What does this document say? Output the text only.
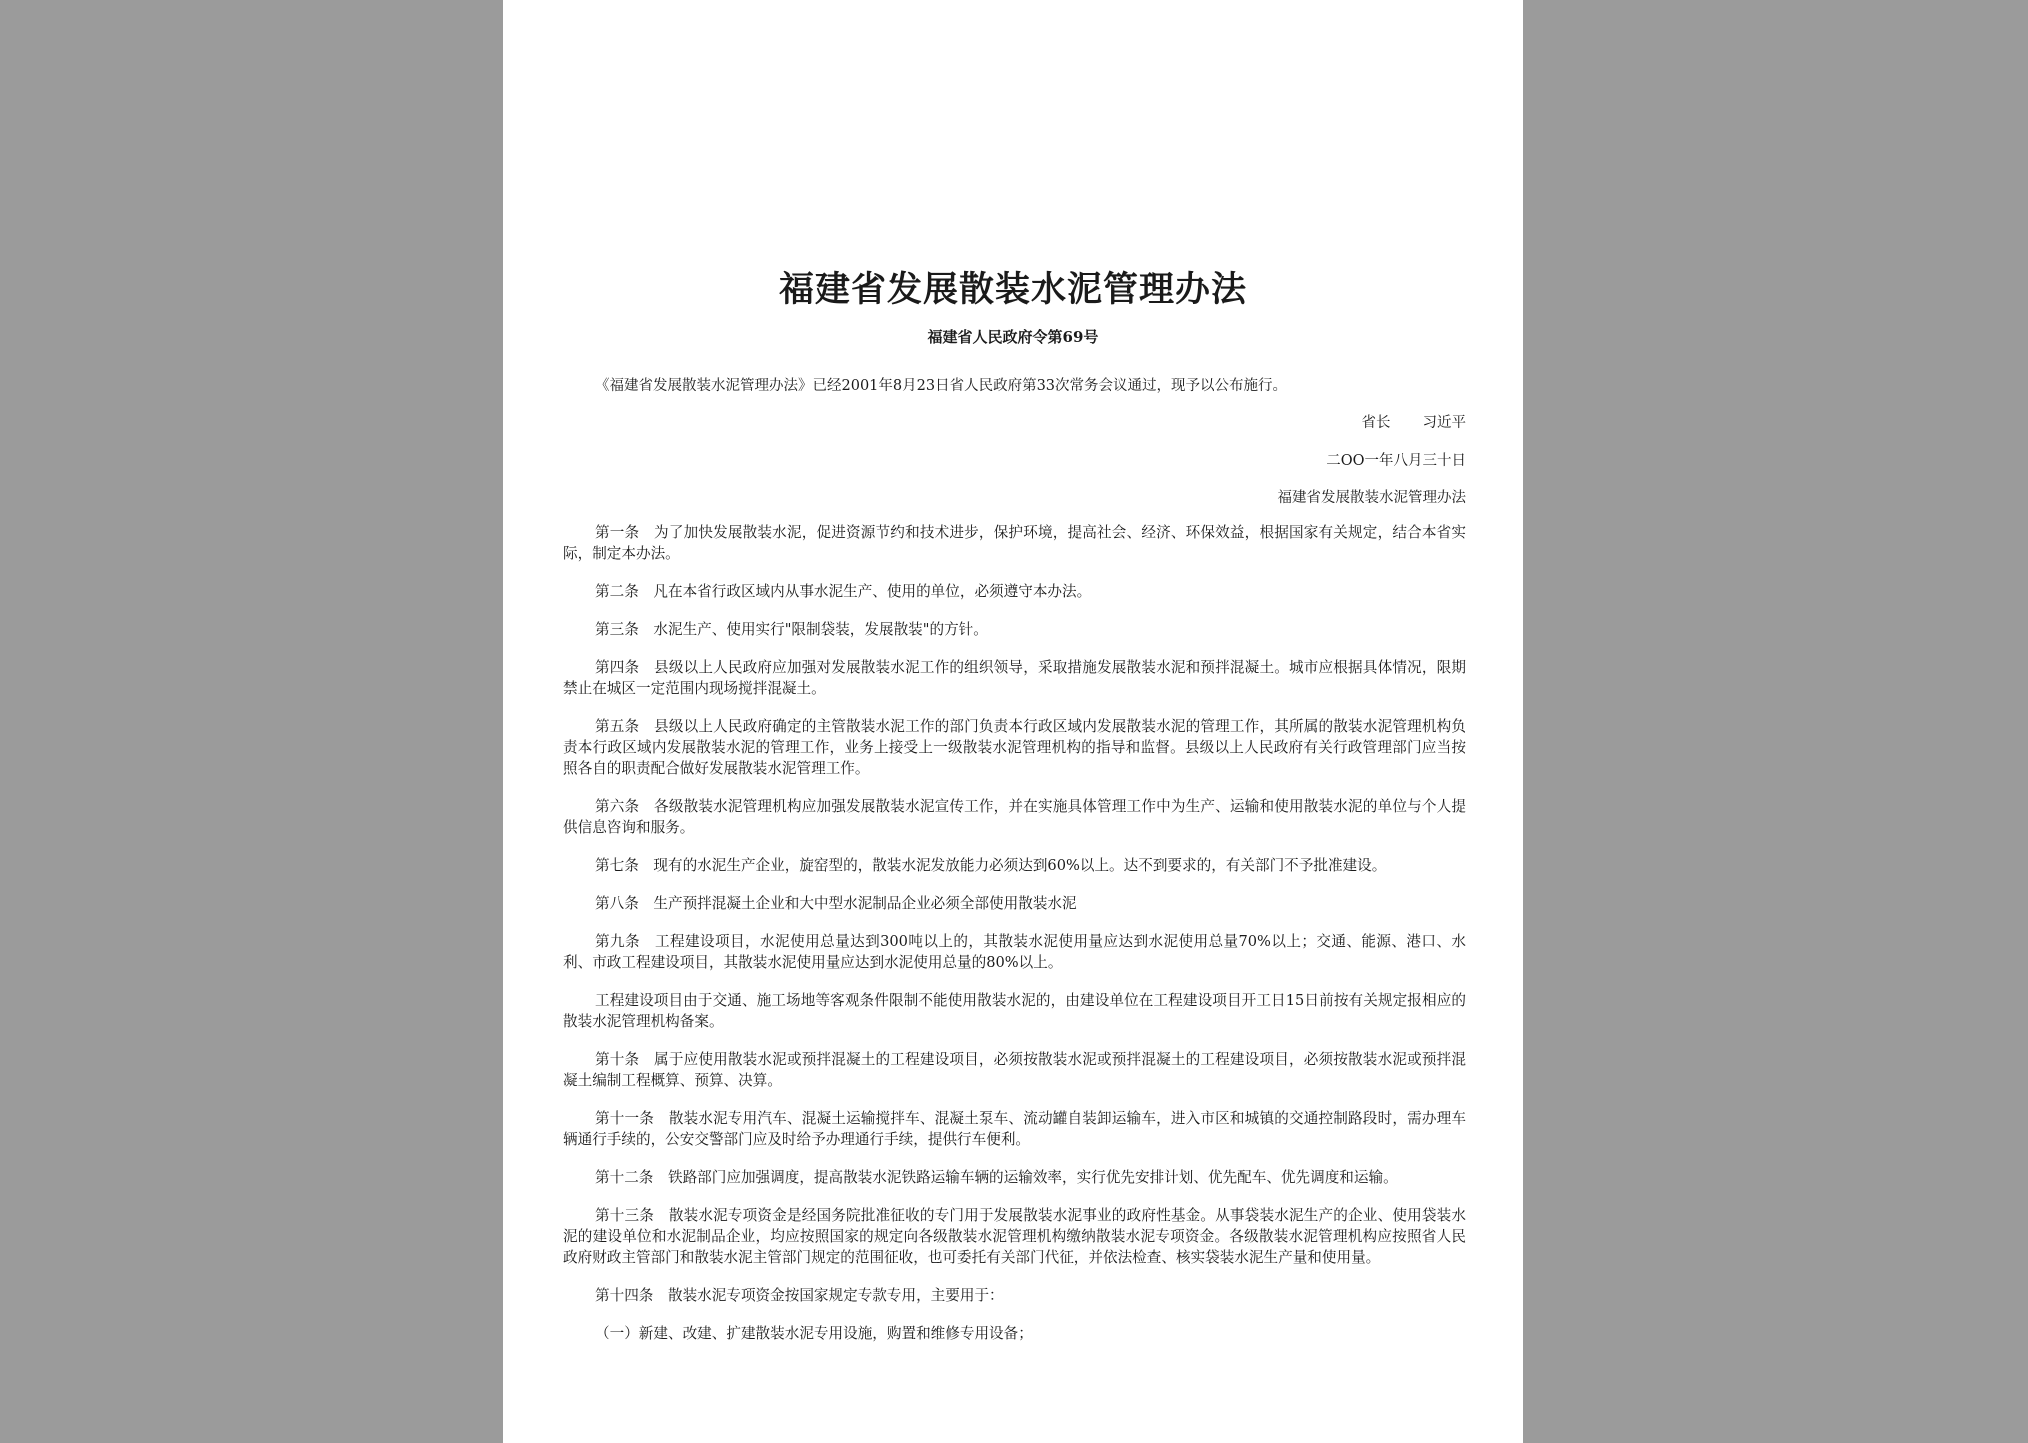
福建省发展散装水泥管理办法
福建省人民政府令第69号
《福建省发展散装水泥管理办法》已经2001年8月23日省人民政府第33次常务会议通过，现予以公布施行。
省长 习近平
二OO一年八月三十日
福建省发展散装水泥管理办法

第一条　为了加快发展散装水泥，促进资源节约和技术进步，保护环境，提高社会、经济、环保效益，根据国家有关规定，结合本省实际，制定本办法。

第二条　凡在本省行政区域内从事水泥生产、使用的单位，必须遵守本办法。

第三条　水泥生产、使用实行"限制袋装，发展散装"的方针。

第四条　县级以上人民政府应加强对发展散装水泥工作的组织领导，采取措施发展散装水泥和预拌混凝土。城市应根据具体情况，限期禁止在城区一定范围内现场搅拌混凝土。

第五条　县级以上人民政府确定的主管散装水泥工作的部门负责本行政区域内发展散装水泥的管理工作，其所属的散装水泥管理机构负责本行政区域内发展散装水泥的管理工作，业务上接受上一级散装水泥管理机构的指导和监督。县级以上人民政府有关行政管理部门应当按照各自的职责配合做好发展散装水泥管理工作。

第六条　各级散装水泥管理机构应加强发展散装水泥宣传工作，并在实施具体管理工作中为生产、运输和使用散装水泥的单位与个人提供信息咨询和服务。

第七条　现有的水泥生产企业，旋窑型的，散装水泥发放能力必须达到60%以上。达不到要求的，有关部门不予批准建设。

第八条　生产预拌混凝土企业和大中型水泥制品企业必须全部使用散装水泥

第九条　工程建设项目，水泥使用总量达到300吨以上的，其散装水泥使用量应达到水泥使用总量70%以上；交通、能源、港口、水利、市政工程建设项目，其散装水泥使用量应达到水泥使用总量的80%以上。

工程建设项目由于交通、施工场地等客观条件限制不能使用散装水泥的，由建设单位在工程建设项目开工日15日前按有关规定报相应的散装水泥管理机构备案。

第十条　属于应使用散装水泥或预拌混凝土的工程建设项目，必须按散装水泥或预拌混凝土的工程建设项目，必须按散装水泥或预拌混凝土编制工程概算、预算、决算。

第十一条　散装水泥专用汽车、混凝土运输搅拌车、混凝土泵车、流动罐自装卸运输车，进入市区和城镇的交通控制路段时，需办理车辆通行手续的，公安交警部门应及时给予办理通行手续，提供行车便利。

第十二条　铁路部门应加强调度，提高散装水泥铁路运输车辆的运输效率，实行优先安排计划、优先配车、优先调度和运输。

第十三条　散装水泥专项资金是经国务院批准征收的专门用于发展散装水泥事业的政府性基金。从事袋装水泥生产的企业、使用袋装水泥的建设单位和水泥制品企业，均应按照国家的规定向各级散装水泥管理机构缴纳散装水泥专项资金。各级散装水泥管理机构应按照省人民政府财政主管部门和散装水泥主管部门规定的范围征收，也可委托有关部门代征，并依法检查、核实袋装水泥生产量和使用量。

第十四条　散装水泥专项资金按国家规定专款专用，主要用于：

（一）新建、改建、扩建散装水泥专用设施，购置和维修专用设备；
